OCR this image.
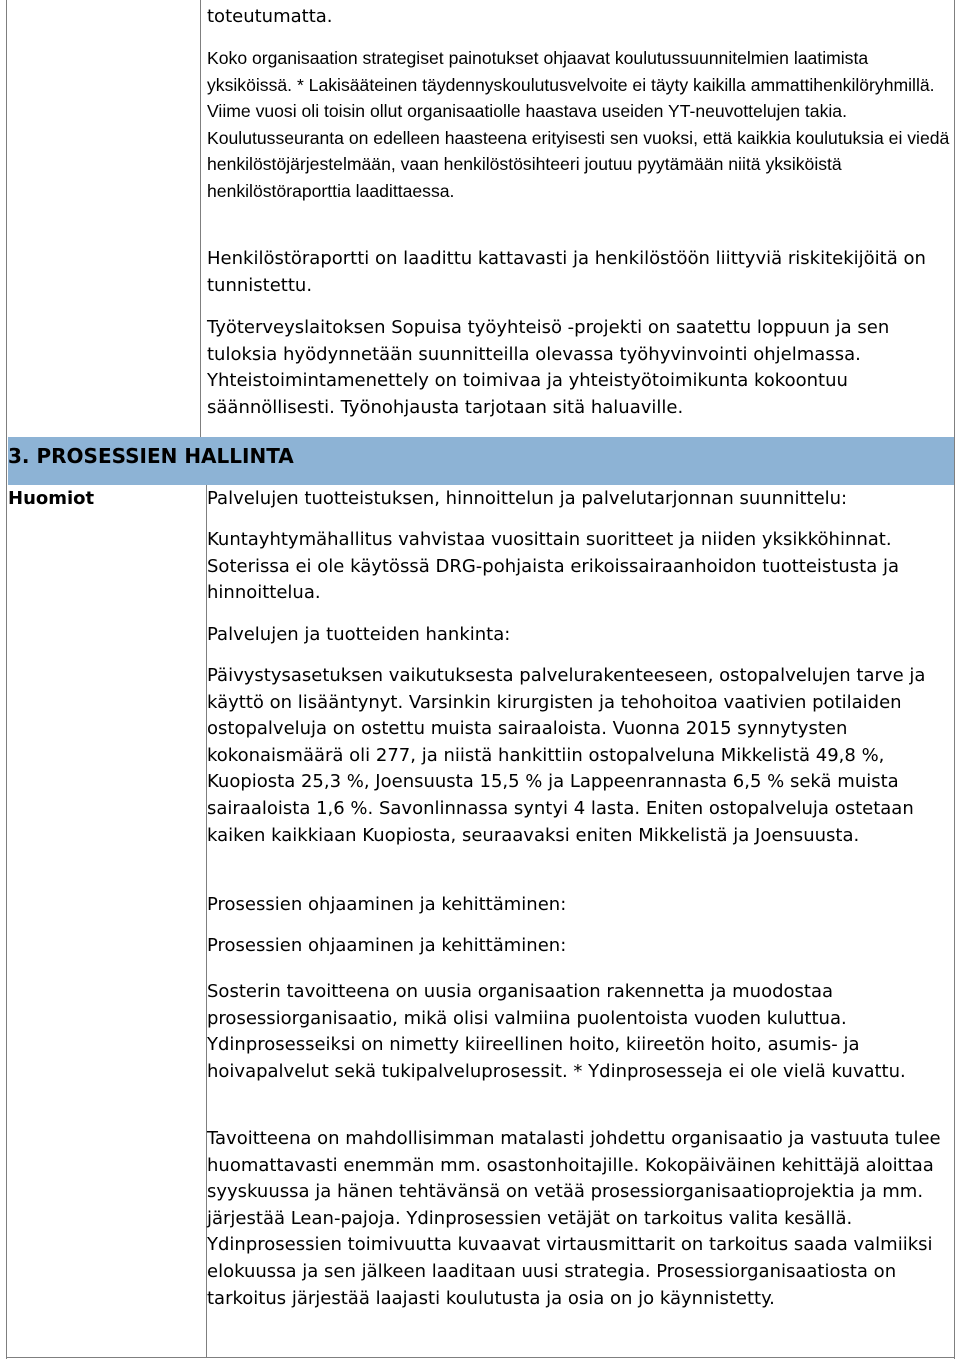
toteutumatta.

Koko organisaation strategiset painotukset ohjaavat koulutussuunnitelmien laatimista yksiköissä. * Lakisääteinen täydennyskoulutusvelvoite ei täyty kaikilla ammattihenkilöryhmillä. Viime vuosi oli toisin ollut organisaatiolle haastava useiden YT-neuvottelujen takia. Koulutusseuranta on edelleen haasteena erityisesti sen vuoksi, että kaikkia koulutuksia ei viedä henkilöstöjärjestelmään, vaan henkilöstösihteeri joutuu pyytämään niitä yksiköistä henkilöstöraporttia laadittaessa.

Henkilöstöraportti on laadittu kattavasti ja henkilöstöön liittyviä riskitekijöitä on tunnistettu.

Työterveyslaitoksen Sopuisa työyhteisö -projekti on saatettu loppuun ja sen tuloksia hyödynnetään suunnitteilla olevassa työhyvinvointi ohjelmassa. Yhteistoimintamenettely on toimivaa ja yhteistyötoimikunta kokoontuu säännöllisesti. Työnohjausta tarjotaan sitä haluaville.

3. PROSESSIEN HALLINTA
Huomiot	Palvelujen tuotteistuksen, hinnoittelun ja palvelutarjonnan suunnittelu:

Kuntayhtymähallitus vahvistaa vuosittain suoritteet ja niiden yksikköhinnat. Soterissa ei ole käytössä DRG-pohjaista erikoissairaanhoidon tuotteistusta ja hinnoittelua.

Palvelujen ja tuotteiden hankinta:

Päivystysasetuksen vaikutuksesta palvelurakenteeseen, ostopalvelujen tarve ja käyttö on lisääntynyt. Varsinkin kirurgisten ja tehohoitoa vaativien potilaiden ostopalveluja on ostettu muista sairaaloista. Vuonna 2015 synnytysten kokonaismäärä oli 277, ja niistä hankittiin ostopalveluna Mikkelistä 49,8 %, Kuopiosta 25,3 %, Joensuusta 15,5 % ja Lappeenrannasta 6,5 % sekä muista sairaaloista 1,6 %. Savonlinnassa syntyi 4 lasta. Eniten ostopalveluja ostetaan kaiken kaikkiaan Kuopiosta, seuraavaksi eniten Mikkelistä ja Joensuusta.

Prosessien ohjaaminen ja kehittäminen:

Prosessien ohjaaminen ja kehittäminen:

Sosterin tavoitteena on uusia organisaation rakennetta ja muodostaa prosessiorganisaatio, mikä olisi valmiina puolentoista vuoden kuluttua. Ydinprosesseiksi on nimetty kiireellinen hoito, kiireetön hoito, asumis- ja hoivapalvelut sekä tukipalveluprosessit. * Ydinprosesseja ei ole vielä kuvattu.

Tavoitteena on mahdollisimman matalasti johdettu organisaatio ja vastuuta tulee huomattavasti enemmän mm. osastonhoitajille. Kokopäiväinen kehittäjä aloittaa syyskuussa ja hänen tehtävänsä on vetää prosessiorganisaatioprojektia ja mm. järjestää Lean-pajoja. Ydinprosessien vetäjät on tarkoitus valita kesällä. Ydinprosessien toimivuutta kuvaavat virtausmittarit on tarkoitus saada valmiiksi elokuussa ja sen jälkeen laaditaan uusi strategia. Prosessiorganisaatiosta on tarkoitus järjestää laajasti koulutusta ja osia on jo käynnistetty.
